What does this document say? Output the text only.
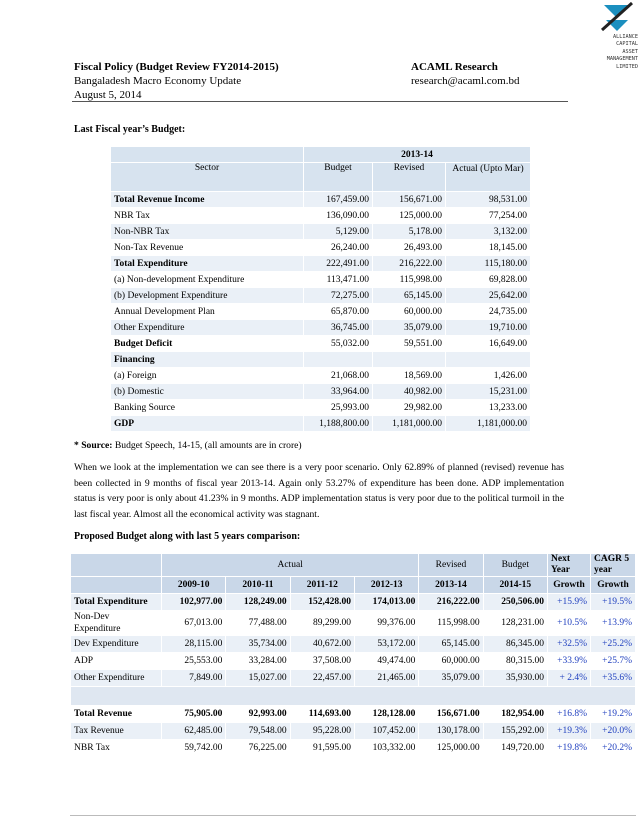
ALLIANCE
CAPITAL
ASSET
MANAGEMENT
LIMITED
Fiscal Policy (Budget Review FY2014-2015)
Bangaladesh Macro Economy Update
August 5, 2014
ACAML Research
research@acaml.com.bd
Last Fiscal year’s Budget:
	2013-14		
Sector	Budget	Revised	Actual (Upto Mar)
Total Revenue Income	167,459.00	156,671.00	98,531.00
NBR Tax	136,090.00	125,000.00	77,254.00
Non-NBR Tax	5,129.00	5,178.00	3,132.00
Non-Tax Revenue	26,240.00	26,493.00	18,145.00
Total Expenditure	222,491.00	216,222.00	115,180.00
(a) Non-development Expenditure	113,471.00	115,998.00	69,828.00
(b) Development Expenditure	72,275.00	65,145.00	25,642.00
Annual Development Plan	65,870.00	60,000.00	24,735.00
Other Expenditure	36,745.00	35,079.00	19,710.00
Budget Deficit	55,032.00	59,551.00	16,649.00
Financing			
(a) Foreign	21,068.00	18,569.00	1,426.00
(b) Domestic	33,964.00	40,982.00	15,231.00
Banking Source	25,993.00	29,982.00	13,233.00
GDP	1,188,800.00	1,181,000.00	1,181,000.00
* Source: Budget Speech, 14-15, (all amounts are in crore)
When we look at the implementation we can see there is a very poor scenario. Only 62.89% of planned (revised) revenue has been collected in 9 months of fiscal year 2013-14. Again only 53.27% of expenditure has been done. ADP implementation status is very poor is only about 41.23% in 9 months. ADP implementation status is very poor due to the political turmoil in the last fiscal year. Almost all the economical activity was stagnant.
Proposed Budget along with last 5 years comparison:
	Actual				Revised	Budget	Next Year	CAGR 5 year
	2009-10	2010-11	2011-12	2012-13	2013-14	2014-15	Growth	Growth
Total Expenditure	102,977.00	128,249.00	152,428.00	174,013.00	216,222.00	250,506.00	+15.9%	+19.5%
Non-Dev Expenditure	67,013.00	77,488.00	89,299.00	99,376.00	115,998.00	128,231.00	+10.5%	+13.9%
Dev Expenditure	28,115.00	35,734.00	40,672.00	53,172.00	65,145.00	86,345.00	+32.5%	+25.2%
ADP	25,553.00	33,284.00	37,508.00	49,474.00	60,000.00	80,315.00	+33.9%	+25.7%
Other Expenditure	7,849.00	15,027.00	22,457.00	21,465.00	35,079.00	35,930.00	+ 2.4%	+35.6%

Total Revenue	75,905.00	92,993.00	114,693.00	128,128.00	156,671.00	182,954.00	+16.8%	+19.2%
Tax Revenue	62,485.00	79,548.00	95,228.00	107,452.00	130,178.00	155,292.00	+19.3%	+20.0%
NBR Tax	59,742.00	76,225.00	91,595.00	103,332.00	125,000.00	149,720.00	+19.8%	+20.2%
